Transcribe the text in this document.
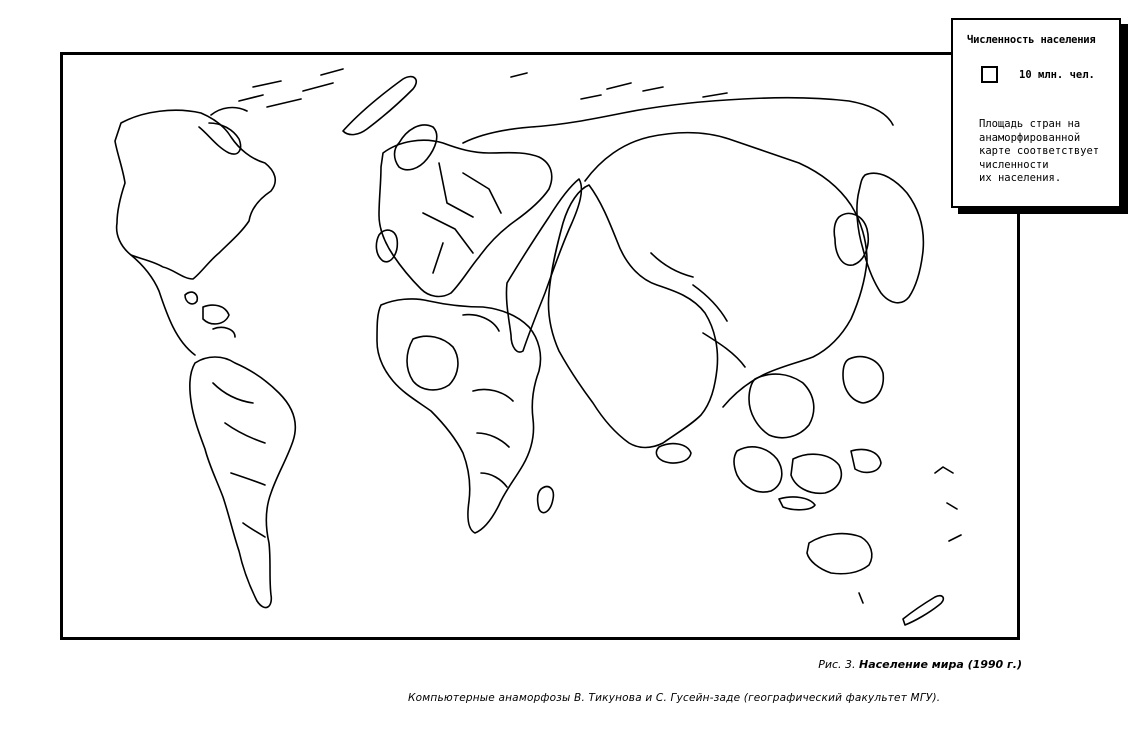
Численность населения
10 млн. чел.
Площадь стран на
анаморфированной
карте соответствует
численности
их населения.
Рис. 3. Население мира (1990 г.)
Компьютерные анаморфозы В. Тикунова и С. Гусейн-заде (географический факультет МГУ).
